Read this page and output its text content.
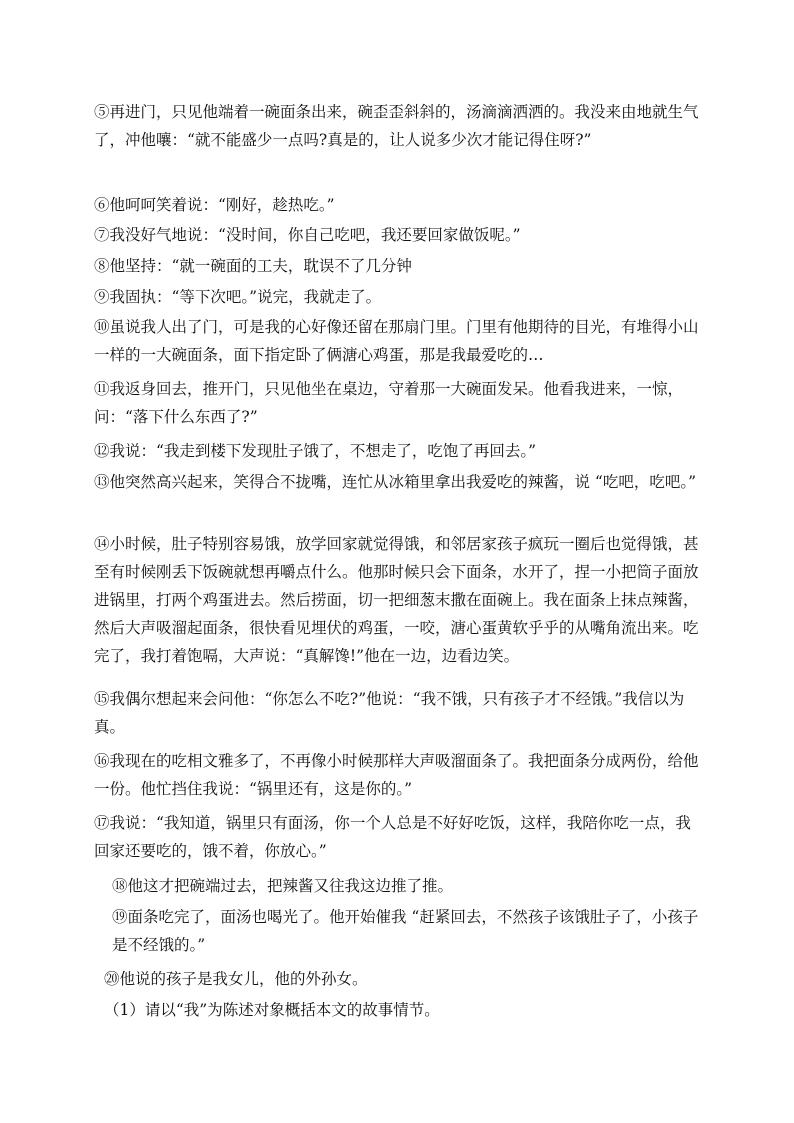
⑤再进门，只见他端着一碗面条出来，碗歪歪斜斜的，汤滴滴洒洒的。我没来由地就生气了，冲他嚷：“就不能盛少一点吗?真是的，让人说多少次才能记得住呀?”
⑥他呵呵笑着说：“刚好，趁热吃。”
⑦我没好气地说：“没时间，你自己吃吧，我还要回家做饭呢。”
⑧他坚持：“就一碗面的工夫，耽误不了几分钟
⑨我固执：“等下次吧。”说完，我就走了。
⑩虽说我人出了门，可是我的心好像还留在那扇门里。门里有他期待的目光，有堆得小山一样的一大碗面条，面下指定卧了俩溏心鸡蛋，那是我最爱吃的…
⑪我返身回去，推开门，只见他坐在桌边，守着那一大碗面发呆。他看我进来，一惊，问：“落下什么东西了?”
⑫我说：“我走到楼下发现肚子饿了，不想走了，吃饱了再回去。”
⑬他突然高兴起来，笑得合不拢嘴，连忙从冰箱里拿出我爱吃的辣酱，说 “吃吧，吃吧。”
⑭小时候，肚子特别容易饿，放学回家就觉得饿，和邻居家孩子疯玩一圈后也觉得饿，甚至有时候刚丢下饭碗就想再嚼点什么。他那时候只会下面条，水开了，捏一小把筒子面放进锅里，打两个鸡蛋进去。然后捞面，切一把细葱末撒在面碗上。我在面条上抹点辣酱，然后大声吸溜起面条，很快看见埋伏的鸡蛋，一咬，溏心蛋黄软乎乎的从嘴角流出来。吃完了，我打着饱嗝，大声说：“真解馋!”他在一边，边看边笑。
⑮我偶尔想起来会问他：“你怎么不吃?”他说：“我不饿，只有孩子才不经饿。”我信以为真。
⑯我现在的吃相文雅多了，不再像小时候那样大声吸溜面条了。我把面条分成两份，给他一份。他忙挡住我说：“锅里还有，这是你的。”
⑰我说：“我知道，锅里只有面汤，你一个人总是不好好吃饭，这样，我陪你吃一点，我回家还要吃的，饿不着，你放心。”
⑱他这才把碗端过去，把辣酱又往我这边推了推。
⑲面条吃完了，面汤也喝光了。他开始催我 “赶紧回去，不然孩子该饿肚子了，小孩子是不经饿的。”
⑳他说的孩子是我女儿，他的外孙女。
（1）请以“我”为陈述对象概括本文的故事情节。
